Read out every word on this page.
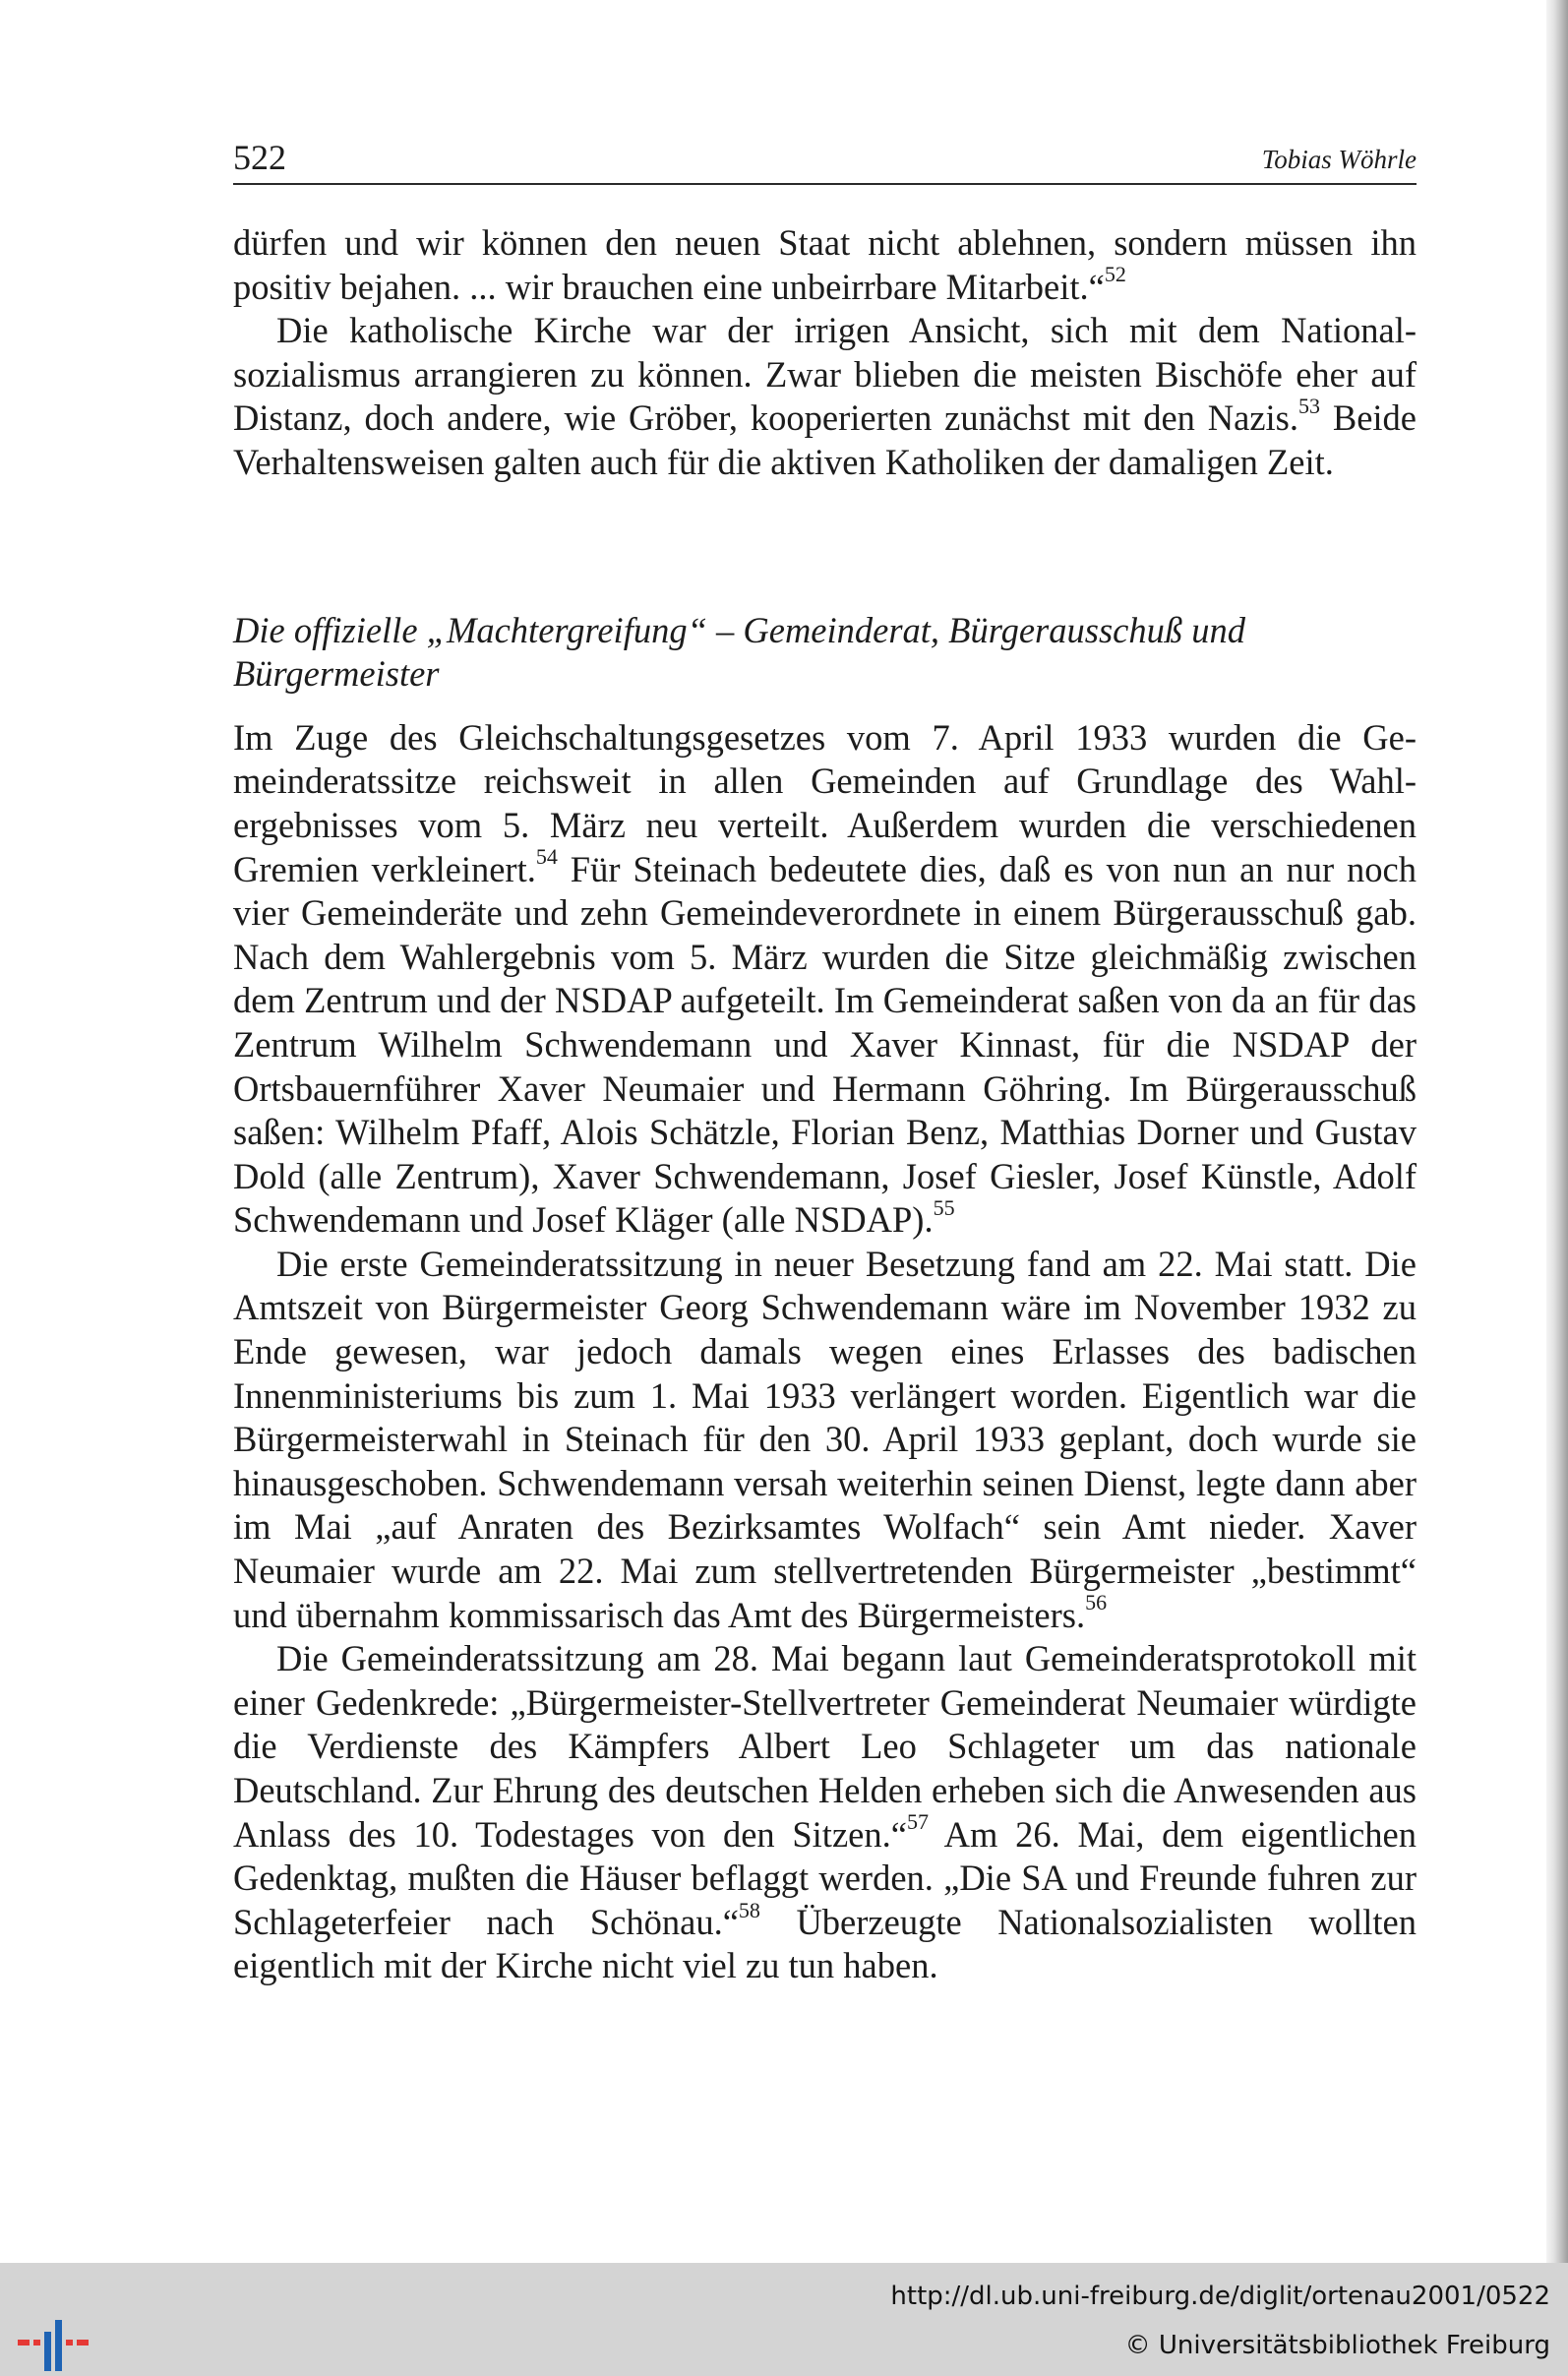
522	Tobias Wöhrle

dürfen und wir können den neuen Staat nicht ablehnen, sondern müssen ihn positiv bejahen. ... wir brauchen eine unbeirrbare Mitarbeit.“$^{52}$

Die katholische Kirche war der irrigen Ansicht, sich mit dem Nationalsozialismus arrangieren zu können. Zwar blieben die meisten Bischöfe eher auf Distanz, doch andere, wie Gröber, kooperierten zunächst mit den Nazis.$^{53}$ Beide Verhaltensweisen galten auch für die aktiven Katholiken der damaligen Zeit.

Die offizielle „Machtergreifung“ – Gemeinderat, Bürgerausschuß und Bürgermeister

Im Zuge des Gleichschaltungsgesetzes vom 7. April 1933 wurden die Gemeinderatssitze reichsweit in allen Gemeinden auf Grundlage des Wahlergebnisses vom 5. März neu verteilt. Außerdem wurden die verschiedenen Gremien verkleinert.$^{54}$ Für Steinach bedeutete dies, daß es von nun an nur noch vier Gemeinderäte und zehn Gemeindeverordnete in einem Bürgerausschuß gab. Nach dem Wahlergebnis vom 5. März wurden die Sitze gleichmäßig zwischen dem Zentrum und der NSDAP aufgeteilt. Im Gemeinderat saßen von da an für das Zentrum Wilhelm Schwendemann und Xaver Kinnast, für die NSDAP der Ortsbauernführer Xaver Neumaier und Hermann Göhring. Im Bürgerausschuß saßen: Wilhelm Pfaff, Alois Schätzle, Florian Benz, Matthias Dorner und Gustav Dold (alle Zentrum), Xaver Schwendemann, Josef Giesler, Josef Künstle, Adolf Schwendemann und Josef Kläger (alle NSDAP).$^{55}$

Die erste Gemeinderatssitzung in neuer Besetzung fand am 22. Mai statt. Die Amtszeit von Bürgermeister Georg Schwendemann wäre im November 1932 zu Ende gewesen, war jedoch damals wegen eines Erlasses des badischen Innenministeriums bis zum 1. Mai 1933 verlängert worden. Eigentlich war die Bürgermeisterwahl in Steinach für den 30. April 1933 geplant, doch wurde sie hinausgeschoben. Schwendemann versah weiterhin seinen Dienst, legte dann aber im Mai „auf Anraten des Bezirksamtes Wolfach“ sein Amt nieder. Xaver Neumaier wurde am 22. Mai zum stellvertretenden Bürgermeister „bestimmt“ und übernahm kommissarisch das Amt des Bürgermeisters.$^{56}$

Die Gemeinderatssitzung am 28. Mai begann laut Gemeinderatsprotokoll mit einer Gedenkrede: „Bürgermeister-Stellvertreter Gemeinderat Neumaier würdigte die Verdienste des Kämpfers Albert Leo Schlageter um das nationale Deutschland. Zur Ehrung des deutschen Helden erheben sich die Anwesenden aus Anlass des 10. Todestages von den Sitzen.“$^{57}$ Am 26. Mai, dem eigentlichen Gedenktag, mußten die Häuser beflaggt werden. „Die SA und Freunde fuhren zur Schlageterfeier nach Schönau.“$^{58}$ Überzeugte Nationalsozialisten wollten eigentlich mit der Kirche nicht viel zu tun haben.

http://dl.ub.uni-freiburg.de/diglit/ortenau2001/0522
© Universitätsbibliothek Freiburg
